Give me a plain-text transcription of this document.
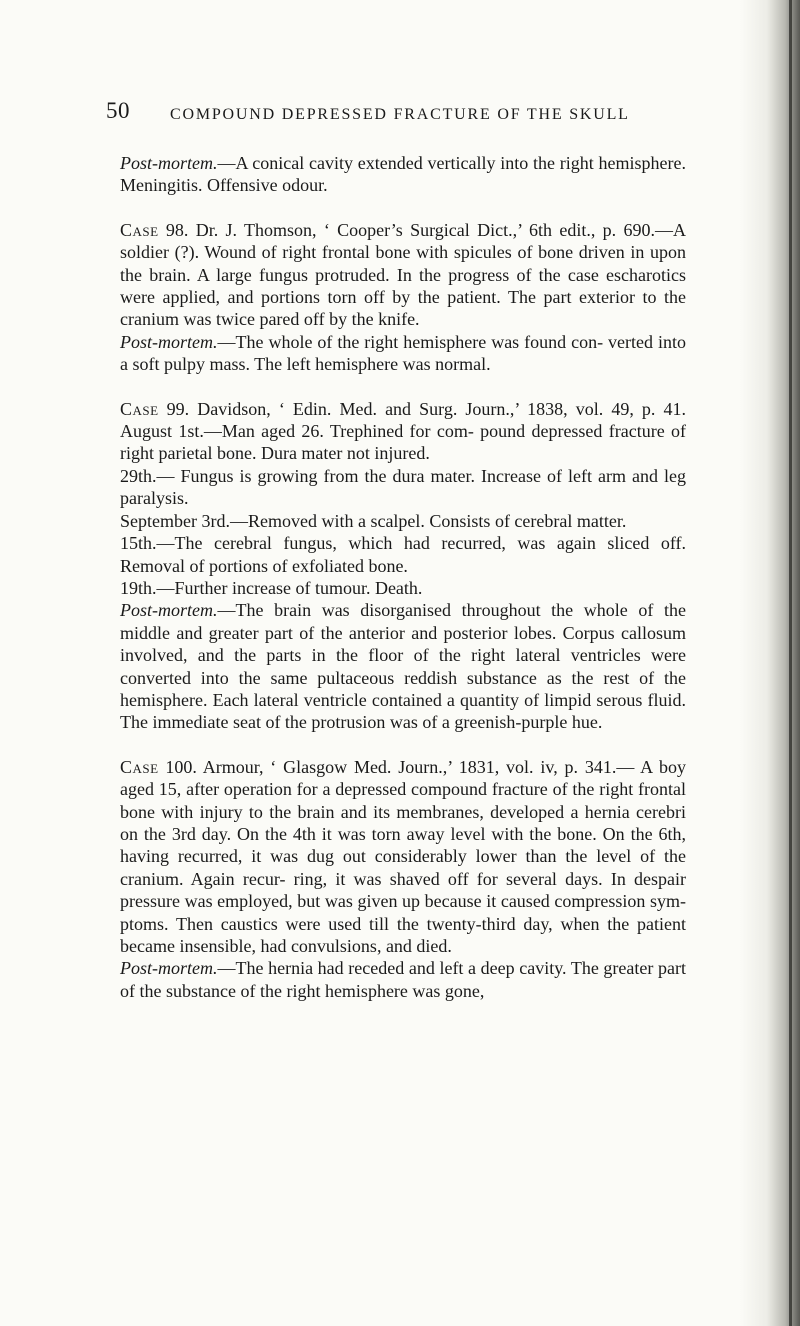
50	COMPOUND DEPRESSED FRACTURE OF THE SKULL

Post-mortem.—A conical cavity extended vertically into the right hemisphere. Meningitis. Offensive odour.

Case 98. Dr. J. Thomson, ‘ Cooper’s Surgical Dict.,’ 6th edit., p. 690.—A soldier (?). Wound of right frontal bone with spicules of bone driven in upon the brain. A large fungus protruded. In the progress of the case escharotics were applied, and portions torn off by the patient. The part exterior to the cranium was twice pared off by the knife.

Post-mortem.—The whole of the right hemisphere was found con- verted into a soft pulpy mass. The left hemisphere was normal.

Case 99. Davidson, ‘ Edin. Med. and Surg. Journ.,’ 1838, vol. 49, p. 41. August 1st.—Man aged 26. Trephined for com- pound depressed fracture of right parietal bone. Dura mater not injured.

29th.— Fungus is growing from the dura mater. Increase of left arm and leg paralysis.

September 3rd.—Removed with a scalpel. Consists of cerebral matter.

15th.—The cerebral fungus, which had recurred, was again sliced off. Removal of portions of exfoliated bone.

19th.—Further increase of tumour. Death.

Post-mortem.—The brain was disorganised throughout the whole of the middle and greater part of the anterior and posterior lobes. Corpus callosum involved, and the parts in the floor of the right lateral ventricles were converted into the same pultaceous reddish substance as the rest of the hemisphere. Each lateral ventricle contained a quantity of limpid serous fluid. The immediate seat of the protrusion was of a greenish-purple hue.

Case 100. Armour, ‘ Glasgow Med. Journ.,’ 1831, vol. iv, p. 341.— A boy aged 15, after operation for a depressed compound fracture of the right frontal bone with injury to the brain and its membranes, developed a hernia cerebri on the 3rd day. On the 4th it was torn away level with the bone. On the 6th, having recurred, it was dug out considerably lower than the level of the cranium. Again recur- ring, it was shaved off for several days. In despair pressure was employed, but was given up because it caused compression sym- ptoms. Then caustics were used till the twenty-third day, when the patient became insensible, had convulsions, and died.

Post-mortem.—The hernia had receded and left a deep cavity. The greater part of the substance of the right hemisphere was gone,
